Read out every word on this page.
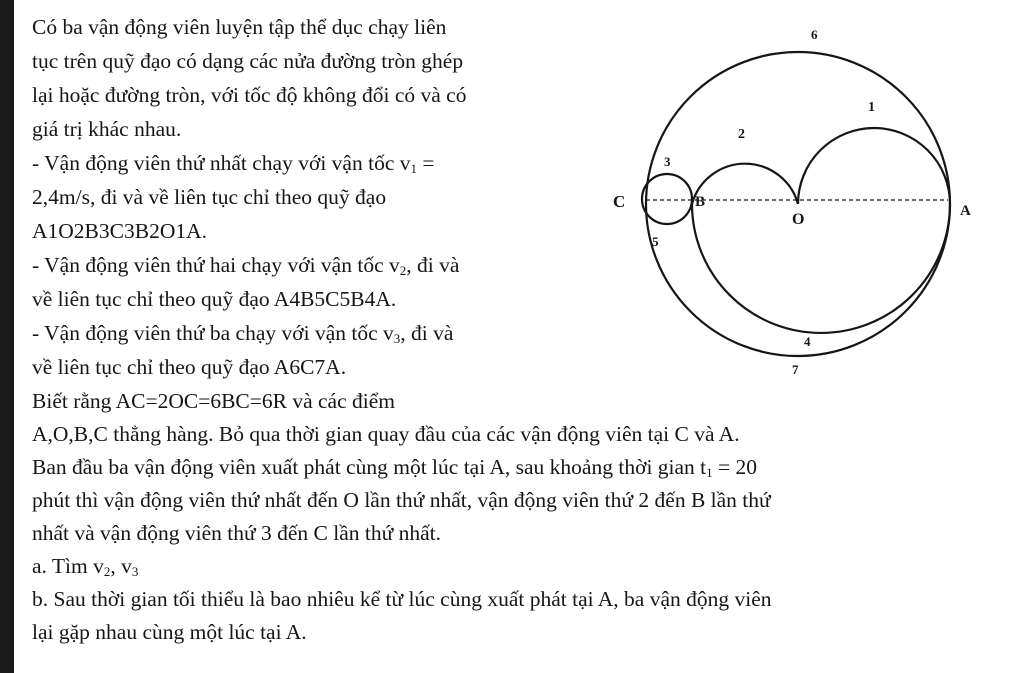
Có ba vận động viên luyện tập thể dục chạy liên
tục trên quỹ đạo có dạng các nửa đường tròn ghép
lại hoặc đường tròn, với tốc độ không đổi có và có
giá trị khác nhau.
- Vận động viên thứ nhất chạy với vận tốc $v_1$ =
2,4m/s, đi và về liên tục chỉ theo quỹ đạo
A1O2B3C3B2O1A.
- Vận động viên thứ hai chạy với vận tốc $v_2$, đi và
về liên tục chỉ theo quỹ đạo A4B5C5B4A.
- Vận động viên thứ ba chạy với vận tốc $v_3$, đi và
về liên tục chỉ theo quỹ đạo A6C7A.
Biết rằng AC=2OC=6BC=6R và các điểm
A,O,B,C thẳng hàng. Bỏ qua thời gian quay đầu của các vận động viên tại C và A.
Ban đầu ba vận động viên xuất phát cùng một lúc tại A, sau khoảng thời gian $t_1 = 20$
phút thì vận động viên thứ nhất đến O lần thứ nhất, vận động viên thứ 2 đến B lần thứ
nhất và vận động viên thứ 3 đến C lần thứ nhất.
a. Tìm $v_2$, $v_3$
b. Sau thời gian tối thiểu là bao nhiêu kể từ lúc cùng xuất phát tại A, ba vận động viên
lại gặp nhau cùng một lúc tại A.
C	B
O	A
1
2
3
4
5
6
7
